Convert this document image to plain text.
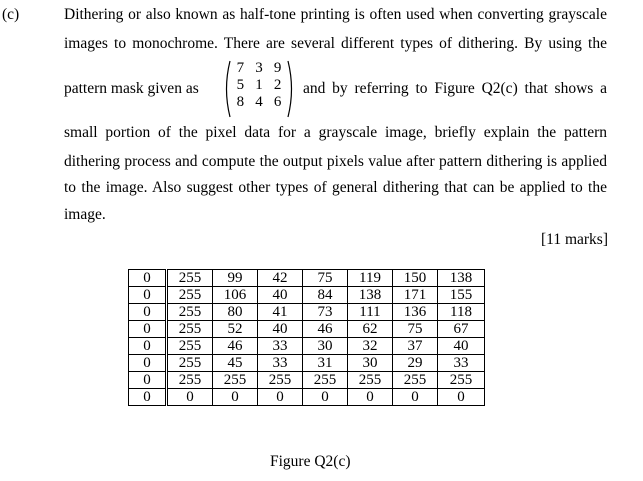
(c)	Dithering or also known as half-tone printing is often used when converting grayscale
images to monochrome. There are several different types of dithering. By using the
pattern mask given as
7 3 9
5 1 2
8 4 6
and by referring to Figure Q2(c) that shows a
small portion of the pixel data for a grayscale image, briefly explain the pattern
dithering process and compute the output pixels value after pattern dithering is applied
to the image. Also suggest other types of general dithering that can be applied to the
image.
[11 marks]
0	255	99	42	75	119	150	138
0	255	106	40	84	138	171	155
0	255	80	41	73	111	136	118
0	255	52	40	46	62	75	67
0	255	46	33	30	32	37	40
0	255	45	33	31	30	29	33
0	255	255	255	255	255	255	255
0	0	0	0	0	0	0	0
Figure Q2(c)
